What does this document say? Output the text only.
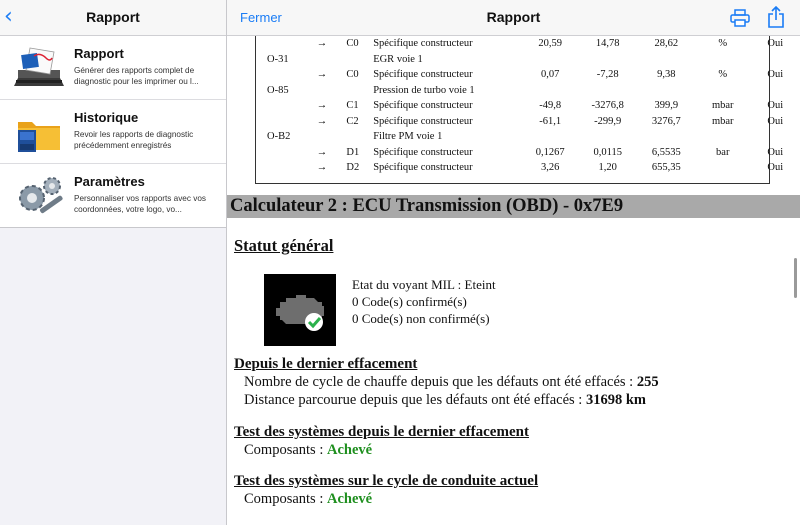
‹	Rapport
Rapport
Générer des rapports complet de diagnostic pour les imprimer ou l...
Historique
Revoir les rapports de diagnostic précédemment enregistrés
Paramètres
Personnaliser vos rapports avec vos coordonnées, votre logo, vo...
Fermer	Rapport
	→	C0	Spécifique constructeur	20,59	14,78	28,62	%	Oui
O-31			EGR voie 1					
	→	C0	Spécifique constructeur	0,07	-7,28	9,38	%	Oui
O-85			Pression de turbo voie 1					
	→	C1	Spécifique constructeur	-49,8	-3276,8	399,9	mbar	Oui
	→	C2	Spécifique constructeur	-61,1	-299,9	3276,7	mbar	Oui
O-B2			Filtre PM voie 1					
	→	D1	Spécifique constructeur	0,1267	0,0115	6,5535	bar	Oui
	→	D2	Spécifique constructeur	3,26	1,20	655,35		Oui
Calculateur 2 : ECU Transmission (OBD) - 0x7E9
Statut général
Etat du voyant MIL : Eteint
0 Code(s) confirmé(s)
0 Code(s) non confirmé(s)
Depuis le dernier effacement
Nombre de cycle de chauffe depuis que les défauts ont été effacés : 255
Distance parcourue depuis que les défauts ont été effacés : 31698 km
Test des systèmes depuis le dernier effacement
Composants : Achevé
Test des systèmes sur le cycle de conduite actuel
Composants : Achevé
